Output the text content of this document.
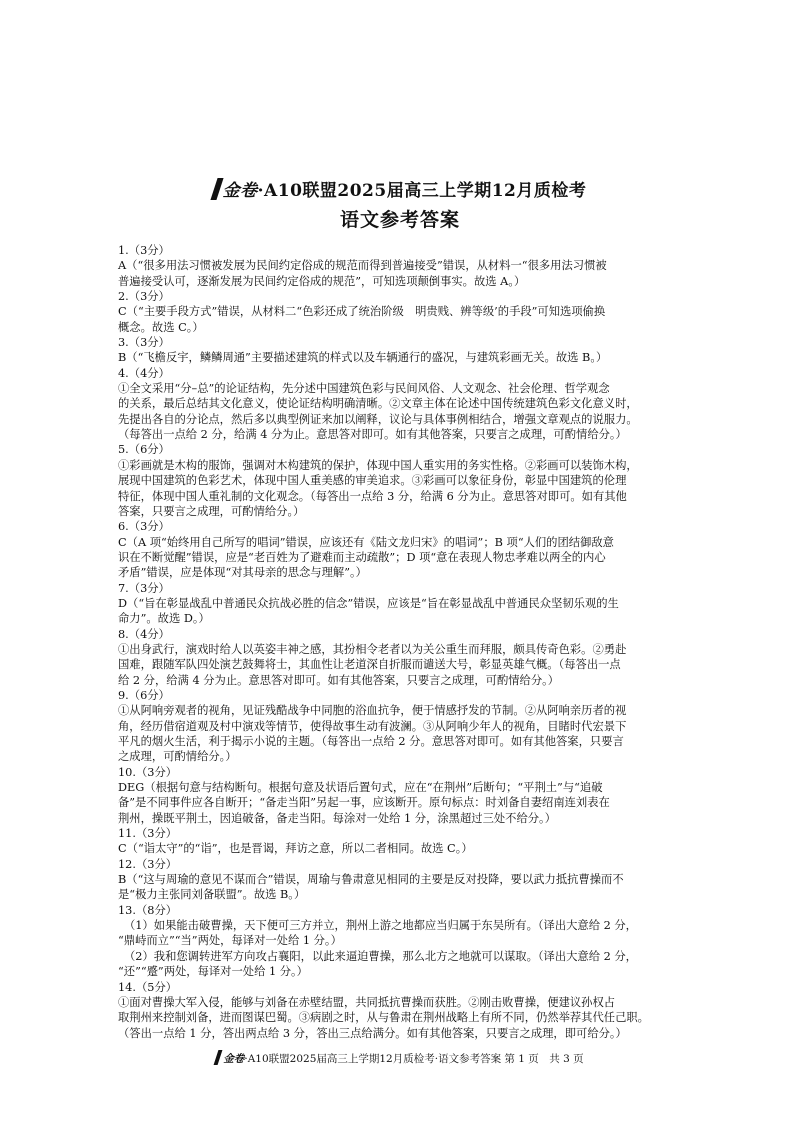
金卷·A10联盟2025届高三上学期12月质检考
语文参考答案
1.（3分）
A（“很多用法习惯被发展为民间约定俗成的规范而得到普遍接受”错误，从材料一“很多用法习惯被
普遍接受认可，逐渐发展为民间约定俗成的规范”，可知选项颠倒事实。故选 A。）
2.（3分）
C（“主要手段方式”错误，从材料二“色彩还成了统治阶级　明贵贱、辨等级’的手段”可知选项偷换
概念。故选 C。）
3.（3分）
B（“飞檐反宇，鳞鳞周通”主要描述建筑的样式以及车辆通行的盛况，与建筑彩画无关。故选 B。）
4.（4分）
①全文采用“分–总”的论证结构，先分述中国建筑色彩与民间风俗、人文观念、社会伦理、哲学观念
的关系，最后总结其文化意义，使论证结构明确清晰。②文章主体在论述中国传统建筑色彩文化意义时，
先提出各自的分论点，然后多以典型例证来加以阐释，议论与具体事例相结合，增强文章观点的说服力。
（每答出一点给 2 分，给满 4 分为止。意思答对即可。如有其他答案，只要言之成理，可酌情给分。）
5.（6分）
①彩画就是木构的服饰，强调对木构建筑的保护，体现中国人重实用的务实性格。②彩画可以装饰木构，
展现中国建筑的色彩艺术，体现中国人重美感的审美追求。③彩画可以象征身份，彰显中国建筑的伦理
特征，体现中国人重礼制的文化观念。（每答出一点给 3 分，给满 6 分为止。意思答对即可。如有其他
答案，只要言之成理，可酌情给分。）
6.（3分）
C（A 项“始终用自己所写的唱词”错误，应该还有《陆文龙归宋》的唱词”；B 项“人们的团结御敌意
识在不断觉醒”错误，应是“老百姓为了避难而主动疏散”；D 项“意在表现人物忠孝难以两全的内心
矛盾”错误，应是体现“对其母亲的思念与理解”。）
7.（3分）
D（“旨在彰显战乱中普通民众抗战必胜的信念”错误，应该是“旨在彰显战乱中普通民众坚韧乐观的生
命力”。故选 D。）
8.（4分）
①出身武行，演戏时给人以英姿丰神之感，其扮相令老者以为关公重生而拜服，颇具传奇色彩。②勇赴
国难，跟随军队四处演艺鼓舞将士，其血性让老道深自折服而谴送大号，彰显英雄气概。（每答出一点
给 2 分，给满 4 分为止。意思答对即可。如有其他答案，只要言之成理，可酌情给分。）
9.（6分）
①从阿响旁观者的视角，见证残酷战争中同胞的浴血抗争，便于情感抒发的节制。②从阿响亲历者的视
角，经历借宿道观及村中演戏等情节，使得故事生动有波澜。③从阿响少年人的视角，目睹时代宏景下
平凡的烟火生活，利于揭示小说的主题。（每答出一点给 2 分。意思答对即可。如有其他答案，只要言
之成理，可酌情给分。）
10.（3分）
DEG（根据句意与结构断句。根据句意及状语后置句式，应在“在荆州”后断句；“平荆土”与“追破
备”是不同事件应各自断开；“备走当阳”另起一事，应该断开。原句标点：时刘备自妻绍南连刘表在
荆州，操既平荆土，因追破备，备走当阳。每涂对一处给 1 分，涂黑超过三处不给分。）
11.（3分）
C（“诣太守”的“诣”，也是晋谒，拜访之意，所以二者相同。故选 C。）
12.（3分）
B（“这与周瑜的意见不谋而合”错误，周瑜与鲁肃意见相同的主要是反对投降，要以武力抵抗曹操而不
是“极力主张同刘备联盟”。故选 B。）
13.（8分）
（1）如果能击破曹操，天下便可三方并立，荆州上游之地都应当归属于东吴所有。（译出大意给 2 分，
“鼎峙而立”“当”两处，每译对一处给 1 分。）
（2）我和您调转进军方向攻占襄阳，以此来逼迫曹操，那么北方之地就可以谋取。（译出大意给 2 分，
“还”“蹙”两处，每译对一处给 1 分。）
14.（5分）
①面对曹操大军入侵，能够与刘备在赤壁结盟，共同抵抗曹操而获胜。②刚击败曹操，便建议孙权占
取荆州来控制刘备，进而图谋巴蜀。③病剧之时，从与鲁肃在荆州战略上有所不同，仍然举荐其代任己职。
（答出一点给 1 分，答出两点给 3 分，答出三点给满分。如有其他答案，只要言之成理，即可给分。）
金卷·A10联盟2025届高三上学期12月质检考·语文参考答案 第 1 页　共 3 页
